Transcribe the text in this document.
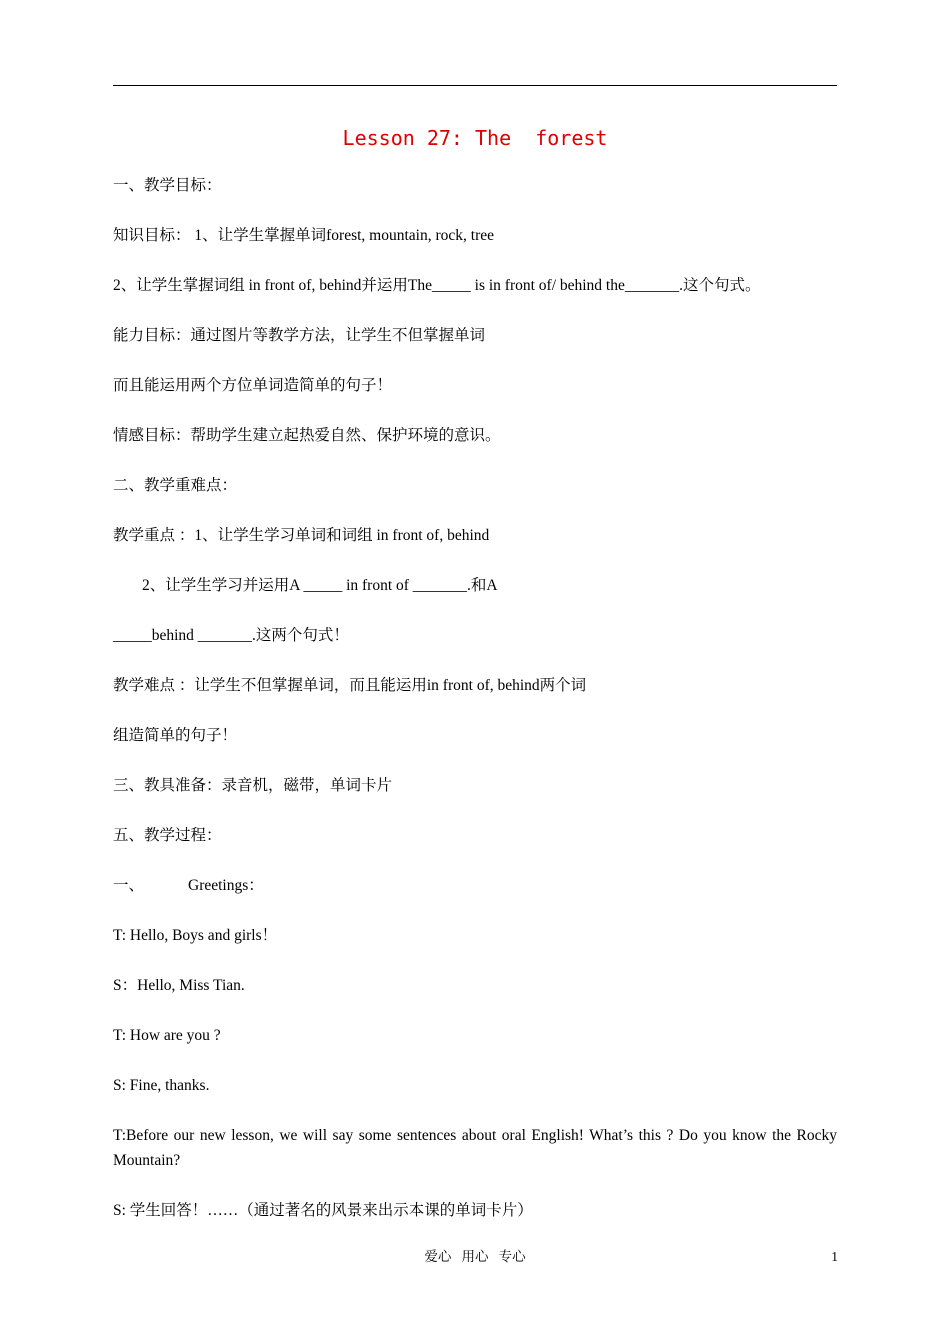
Lesson 27: The  forest
一、教学目标：
知识目标： 1、让学生掌握单词forest, mountain, rock, tree
2、让学生掌握词组 in front of, behind并运用The_____ is in front of/ behind the_______.这个句式。
能力目标：通过图片等教学方法，让学生不但掌握单词
而且能运用两个方位单词造简单的句子！
情感目标：帮助学生建立起热爱自然、保护环境的意识。
二、教学重难点：
教学重点 ：1、让学生学习单词和词组 in front of, behind
2、让学生学习并运用A _____ in front of _______.和A
_____behind _______.这两个句式！
教学难点 ：让学生不但掌握单词，而且能运用in front of, behind两个词
组造简单的句子！
三、教具准备：录音机，磁带，单词卡片
五、教学过程：
一、	Greetings：
T: Hello, Boys and girls！
S：Hello, Miss Tian.
T: How are you ?
S: Fine, thanks.
T:Before our new lesson, we will say some sentences about oral English! What’s this ? Do you know the Rocky Mountain?
S: 学生回答！……（通过著名的风景来出示本课的单词卡片）
爱心   用心   专心	1
